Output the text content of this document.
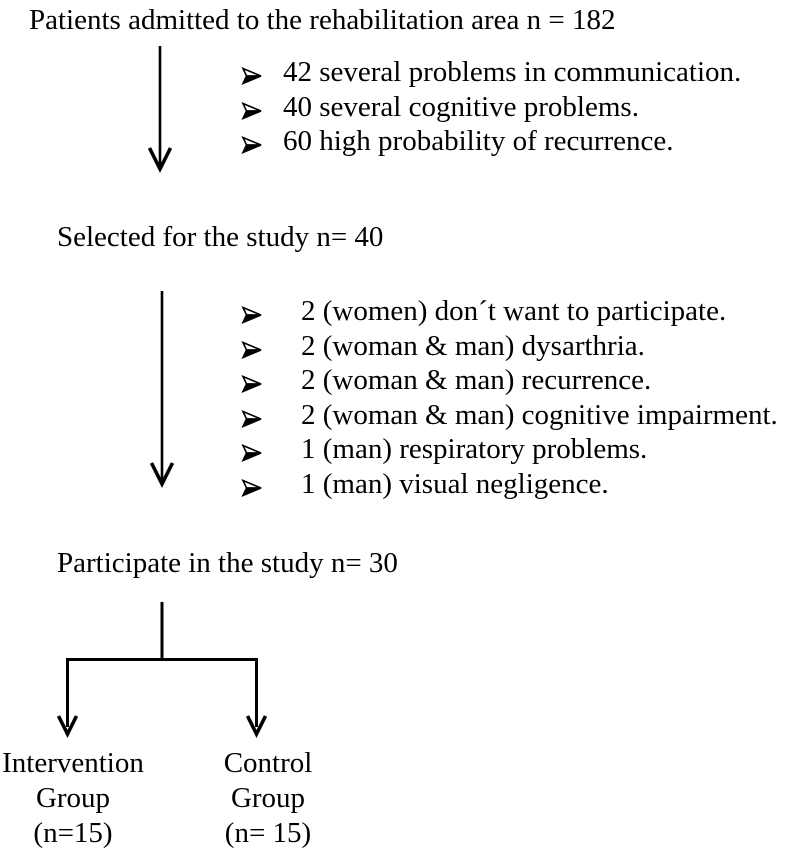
Patients admitted to the rehabilitation area n = 182
42 several problems in communication.
40 several cognitive problems.
60 high probability of recurrence.
Selected for the study n= 40
2 (women) don´t want to participate.
2 (woman & man) dysarthria.
2 (woman & man) recurrence.
2 (woman & man) cognitive impairment.
1 (man) respiratory problems.
1 (man) visual negligence.
Participate in the study n= 30
Intervention
Group
(n=15)
Control
Group
(n= 15)
